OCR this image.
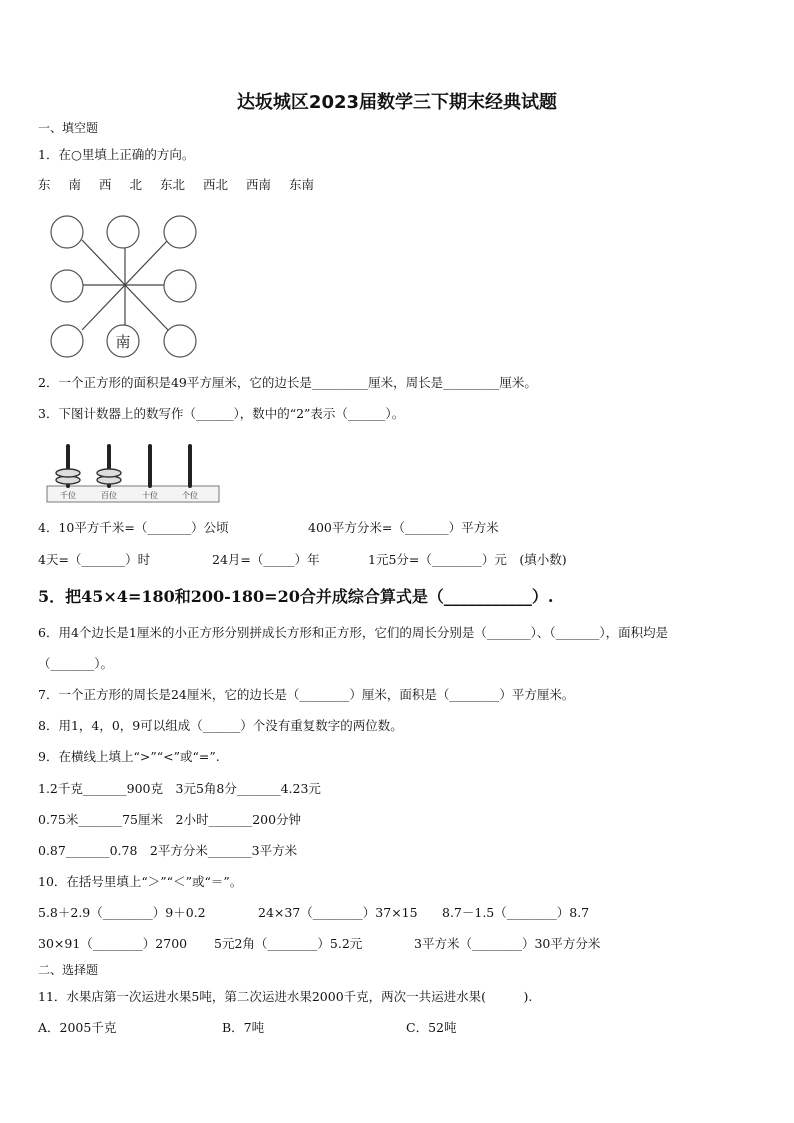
达坂城区2023届数学三下期末经典试题
一、填空题
1．在○里填上正确的方向。
东 南 西 北 东北 西北 西南 东南
南
2．一个正方形的面积是49平方厘米，它的边长是_________厘米，周长是_________厘米。
3．下图计数器上的数写作（______），数中的“2”表示（______）。
千位	百位	十位	个位
4．10平方千米=（_______）公顷	400平方分米=（_______）平方米
4天=（_______）时	24月=（_____）年	1元5分=（________）元　(填小数)
5．把45×4=180和200-180=20合并成综合算式是（___________）.
6．用4个边长是1厘米的小正方形分别拼成长方形和正方形，它们的周长分别是（_______）、（_______），面积均是
（_______）。
7．一个正方形的周长是24厘米，它的边长是（________）厘米，面积是（________）平方厘米。
8．用1，4，0，9可以组成（______）个没有重复数字的两位数。
9．在横线上填上“>”“<”或“=”.
1.2千克_______900克　3元5角8分_______4.23元
0.75米_______75厘米　2小时_______200分钟
0.87_______0.78　2平方分米_______3平方米
10．在括号里填上“＞”“＜”或“＝”。
5.8＋2.9（________）9＋0.2	24×37（________）37×15 8.7－1.5（________）8.7
30×91（________）2700 5元2角（________）5.2元	3平方米（________）30平方分米
二、选择题
11．水果店第一次运进水果5吨，第二次运进水果2000千克，两次一共运进水果(　　　).
A．2005千克	B．7吨	C．52吨
